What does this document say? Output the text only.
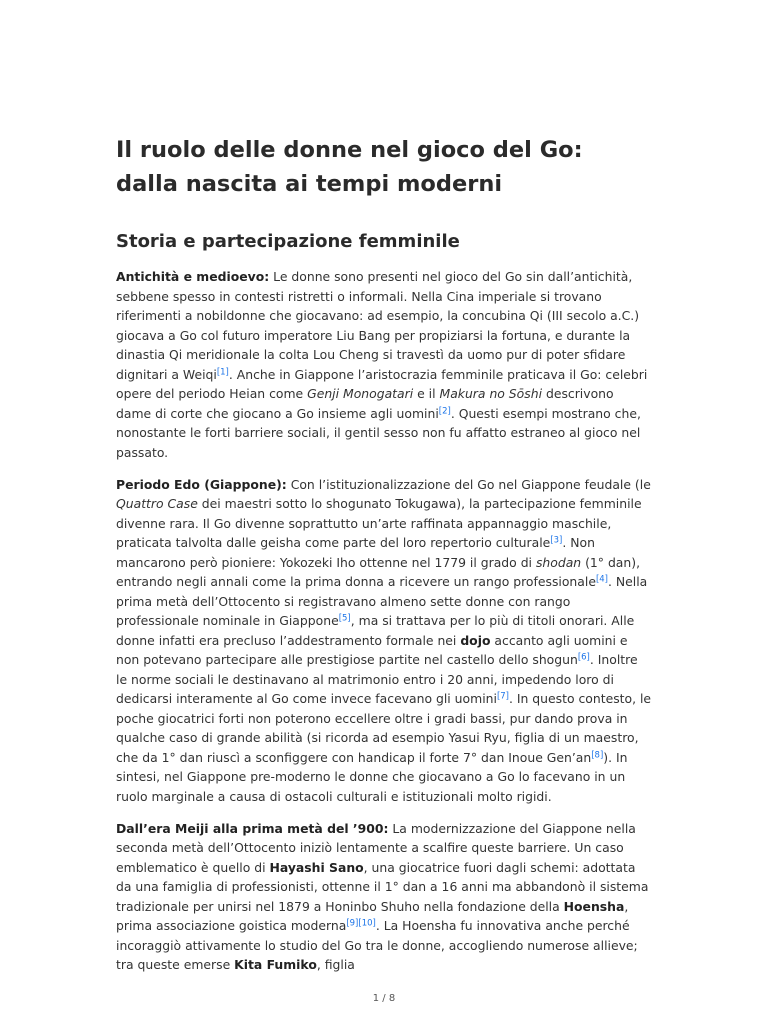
Il ruolo delle donne nel gioco del Go: dalla nascita ai tempi moderni
Storia e partecipazione femminile

Antichità e medioevo: Le donne sono presenti nel gioco del Go sin dall’antichità, sebbene spesso in contesti ristretti o informali. Nella Cina imperiale si trovano riferimenti a nobildonne che giocavano: ad esempio, la concubina Qi (III secolo a.C.) giocava a Go col futuro imperatore Liu Bang per propiziarsi la fortuna, e durante la dinastia Qi meridionale la colta Lou Cheng si travestì da uomo pur di poter sfidare dignitari a Weiqi[1]. Anche in Giappone l’aristocrazia femminile praticava il Go: celebri opere del periodo Heian come Genji Monogatari e il Makura no Sōshi descrivono dame di corte che giocano a Go insieme agli uomini[2]. Questi esempi mostrano che, nonostante le forti barriere sociali, il gentil sesso non fu affatto estraneo al gioco nel passato.

Periodo Edo (Giappone): Con l’istituzionalizzazione del Go nel Giappone feudale (le Quattro Case dei maestri sotto lo shogunato Tokugawa), la partecipazione femminile divenne rara. Il Go divenne soprattutto un’arte raffinata appannaggio maschile, praticata talvolta dalle geisha come parte del loro repertorio culturale[3]. Non mancarono però pioniere: Yokozeki Iho ottenne nel 1779 il grado di shodan (1° dan), entrando negli annali come la prima donna a ricevere un rango professionale[4]. Nella prima metà dell’Ottocento si registravano almeno sette donne con rango professionale nominale in Giappone[5], ma si trattava per lo più di titoli onorari. Alle donne infatti era precluso l’addestramento formale nei dojo accanto agli uomini e non potevano partecipare alle prestigiose partite nel castello dello shogun[6]. Inoltre le norme sociali le destinavano al matrimonio entro i 20 anni, impedendo loro di dedicarsi interamente al Go come invece facevano gli uomini[7]. In questo contesto, le poche giocatrici forti non poterono eccellere oltre i gradi bassi, pur dando prova in qualche caso di grande abilità (si ricorda ad esempio Yasui Ryu, figlia di un maestro, che da 1° dan riuscì a sconfiggere con handicap il forte 7° dan Inoue Gen’an[8]). In sintesi, nel Giappone pre-moderno le donne che giocavano a Go lo facevano in un ruolo marginale a causa di ostacoli culturali e istituzionali molto rigidi.

Dall’era Meiji alla prima metà del ’900: La modernizzazione del Giappone nella seconda metà dell’Ottocento iniziò lentamente a scalfire queste barriere. Un caso emblematico è quello di Hayashi Sano, una giocatrice fuori dagli schemi: adottata da una famiglia di professionisti, ottenne il 1° dan a 16 anni ma abbandonò il sistema tradizionale per unirsi nel 1879 a Honinbo Shuho nella fondazione della Hoensha, prima associazione goistica moderna[9][10]. La Hoensha fu innovativa anche perché incoraggiò attivamente lo studio del Go tra le donne, accogliendo numerose allieve; tra queste emerse Kita Fumiko, figlia

1 / 8
